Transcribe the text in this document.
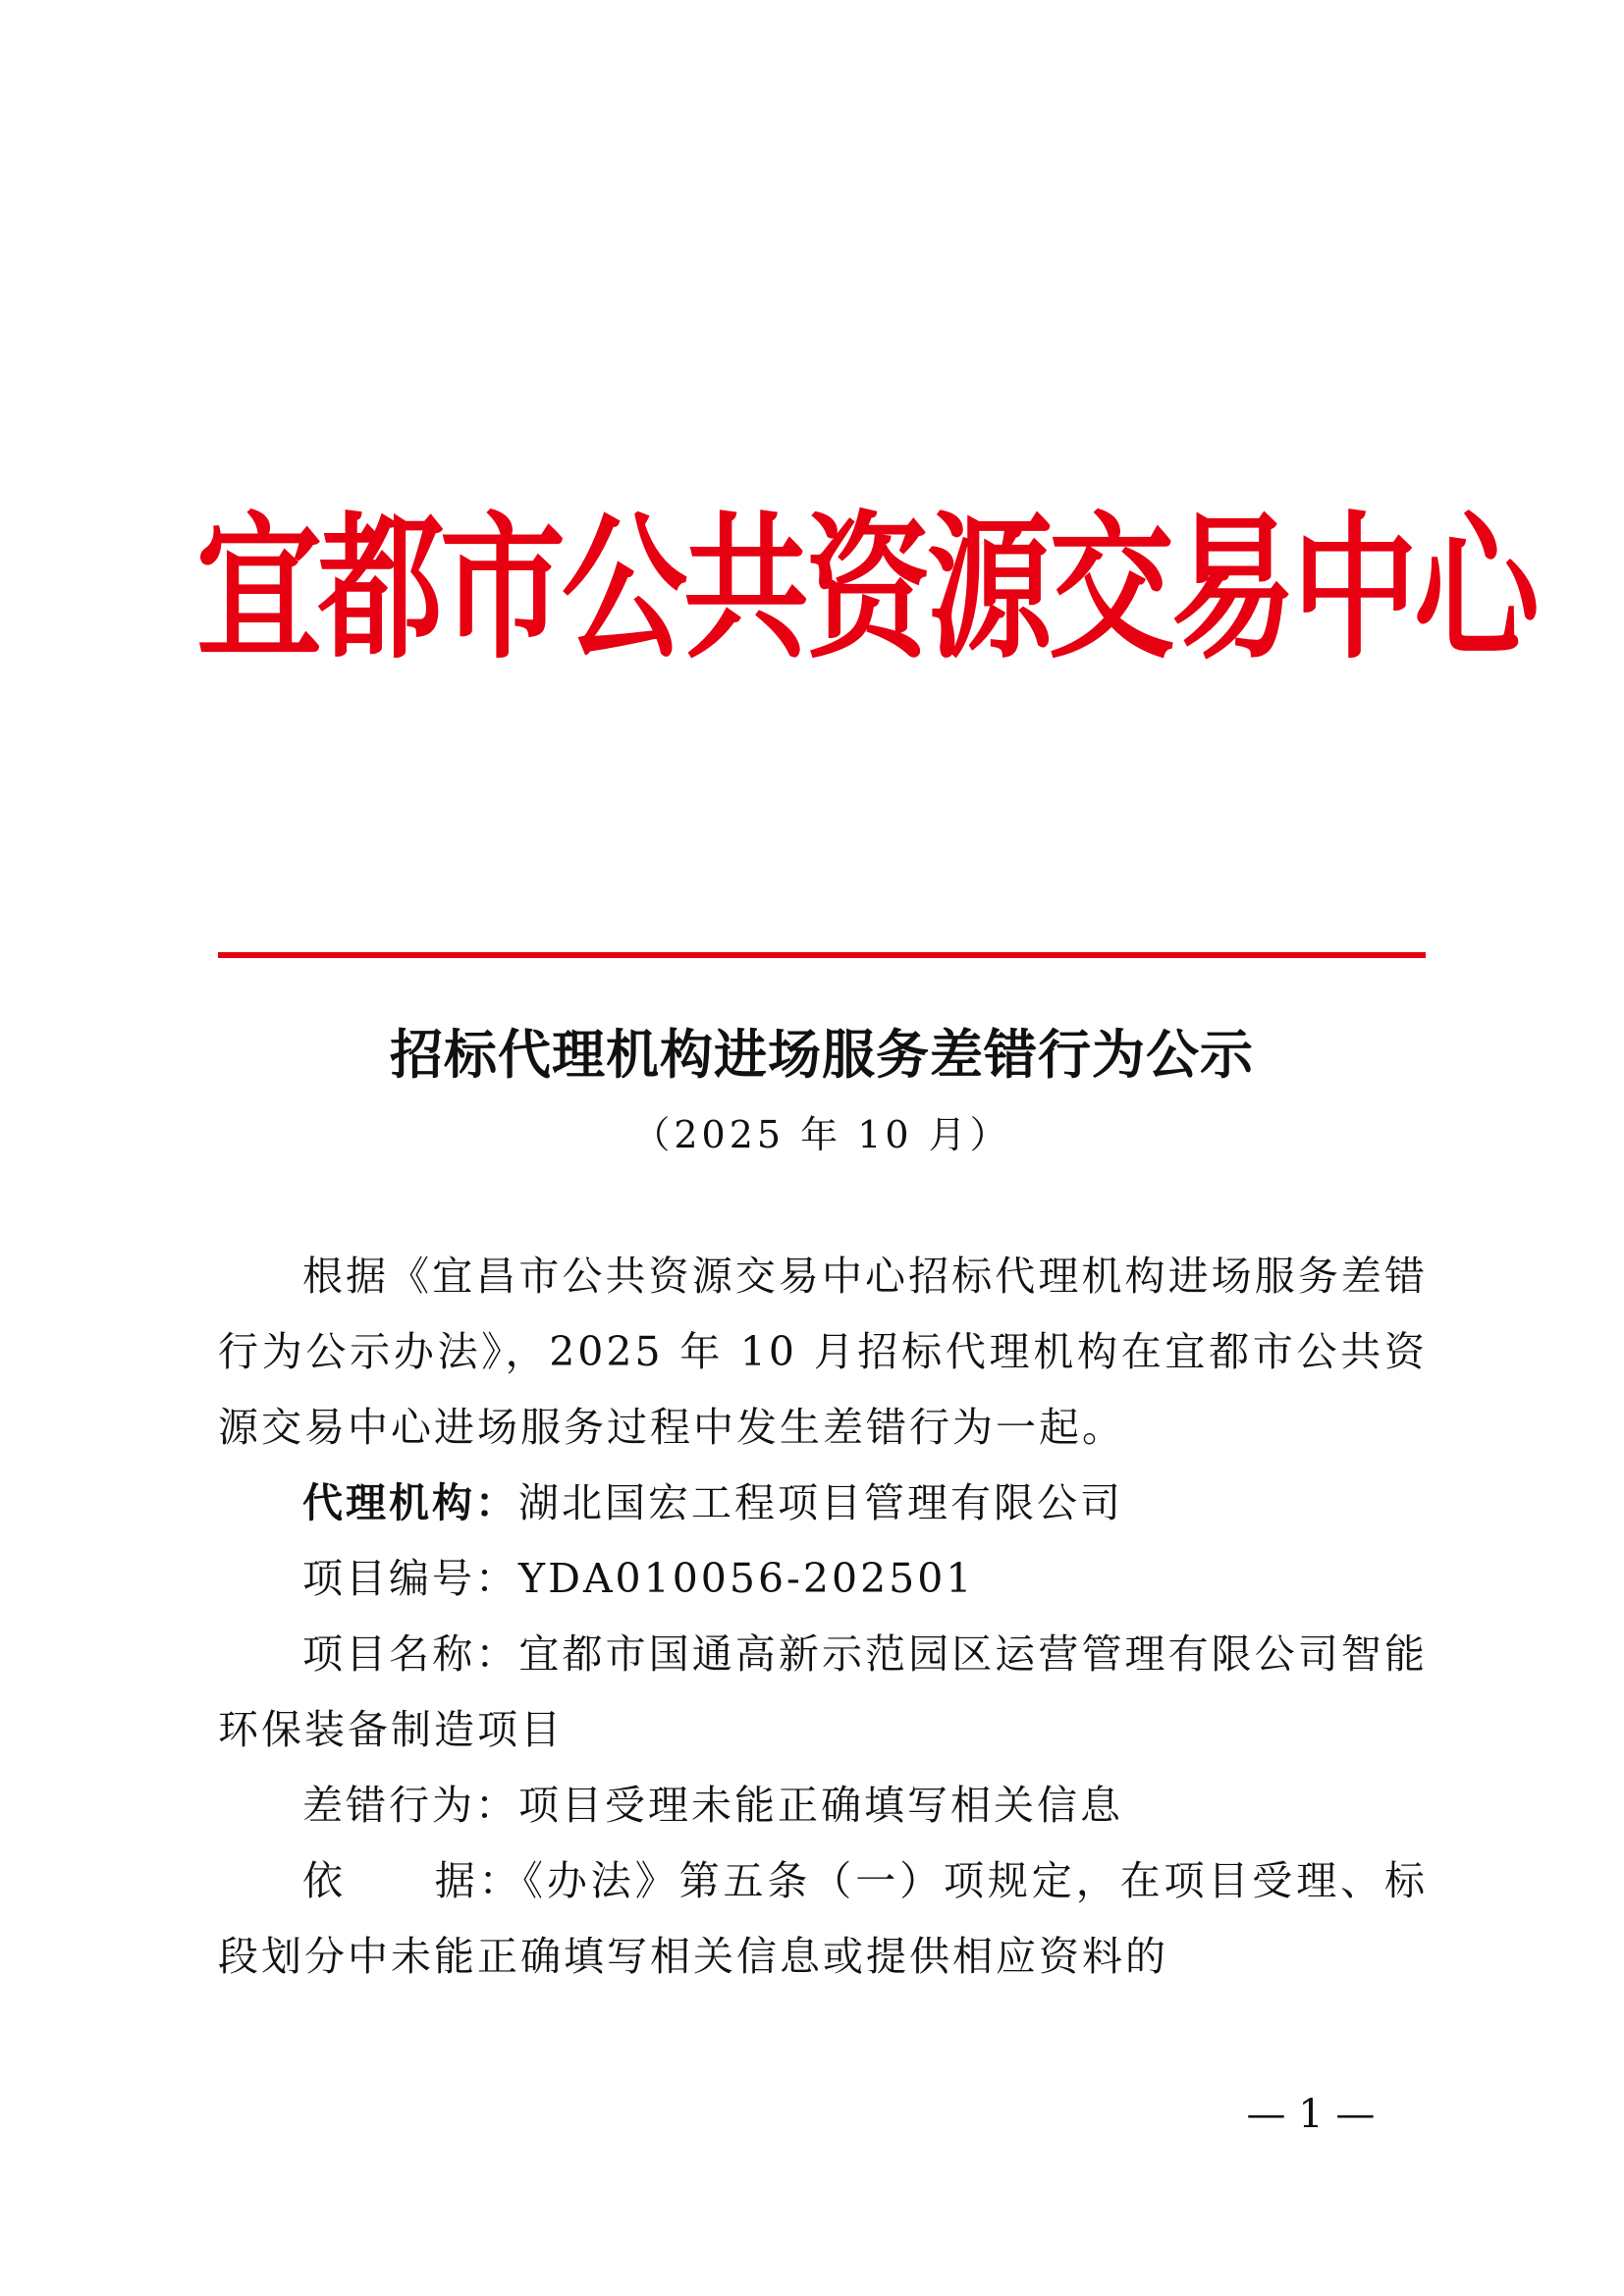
宜都市公共资源交易中心
招标代理机构进场服务差错行为公示
（2025 年 10 月）

根据《宜昌市公共资源交易中心招标代理机构进场服务差错行为公示办法》，2025 年 10 月招标代理机构在宜都市公共资源交易中心进场服务过程中发生差错行为一起。

代理机构：湖北国宏工程项目管理有限公司

项目编号：YDA010056-202501

项目名称：宜都市国通高新示范园区运营管理有限公司智能环保装备制造项目

差错行为：项目受理未能正确填写相关信息

依　　据：《办法》第五条（一）项规定，在项目受理、标段划分中未能正确填写相关信息或提供相应资料的

— 1 —
